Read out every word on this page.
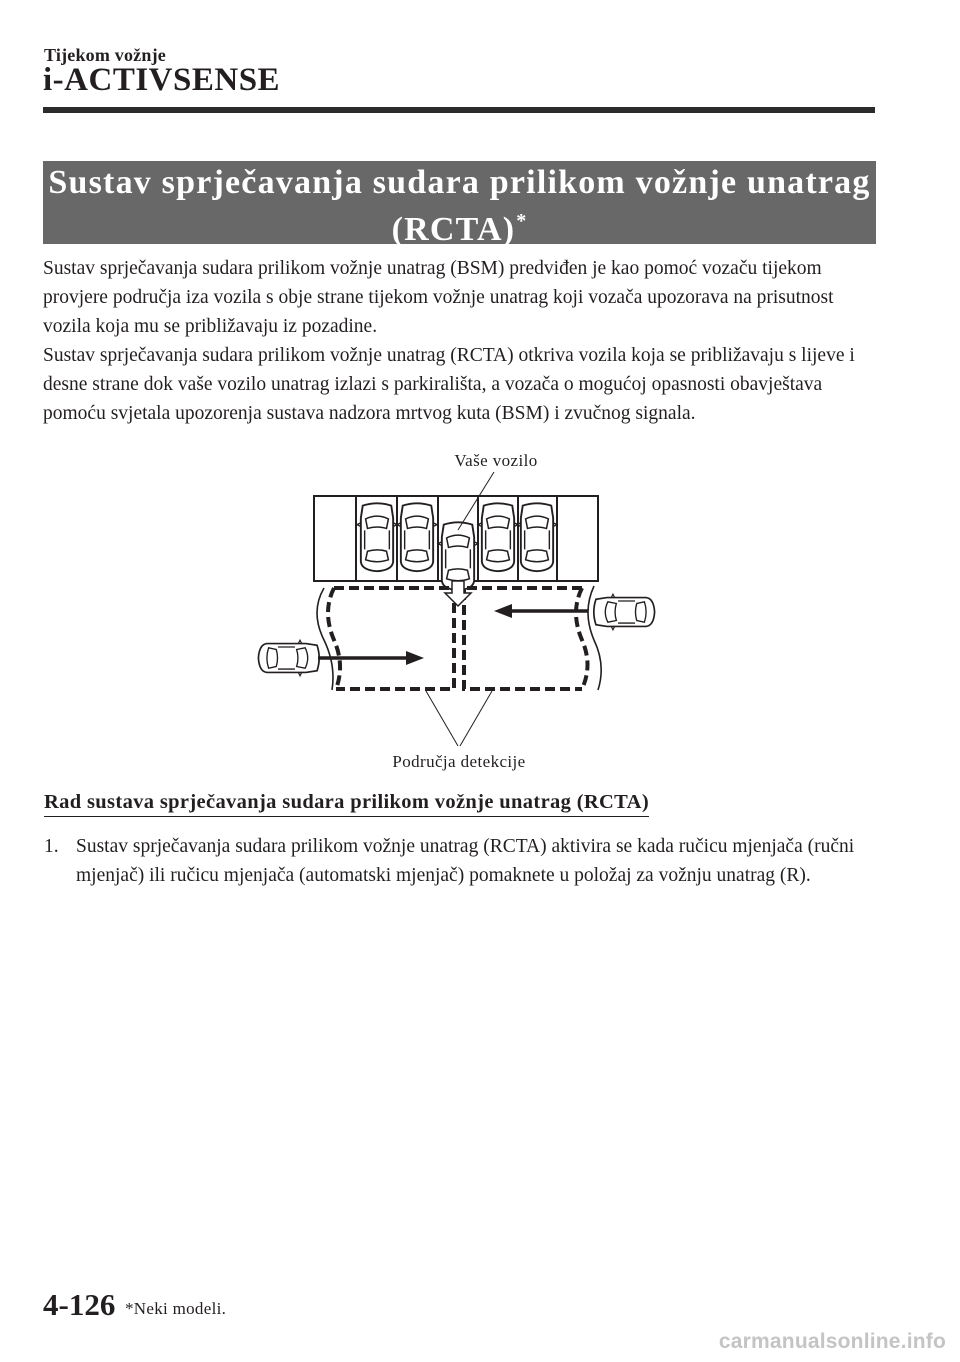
Tijekom vožnje
i-ACTIVSENSE
Sustav sprječavanja sudara prilikom vožnje unatrag
(RCTA)*

Sustav sprječavanja sudara prilikom vožnje unatrag (BSM) predviđen je kao pomoć vozaču tijekom provjere područja iza vozila s obje strane tijekom vožnje unatrag koji vozača upozorava na prisutnost vozila koja mu se približavaju iz pozadine.

Sustav sprječavanja sudara prilikom vožnje unatrag (RCTA) otkriva vozila koja se približavaju s lijeve i desne strane dok vaše vozilo unatrag izlazi s parkirališta, a vozača o mogućoj opasnosti obavještava pomoću svjetala upozorenja sustava nadzora mrtvog kuta (BSM) i zvučnog signala.

Vaše vozilo
Područja detekcije
Rad sustava sprječavanja sudara prilikom vožnje unatrag (RCTA)
1. Sustav sprječavanja sudara prilikom vožnje unatrag (RCTA) aktivira se kada ručicu mjenjača (ručni mjenjač) ili ručicu mjenjača (automatski mjenjač) pomaknete u položaj za vožnju unatrag (R).
4-126 *Neki modeli.
carmanualsonline.info
